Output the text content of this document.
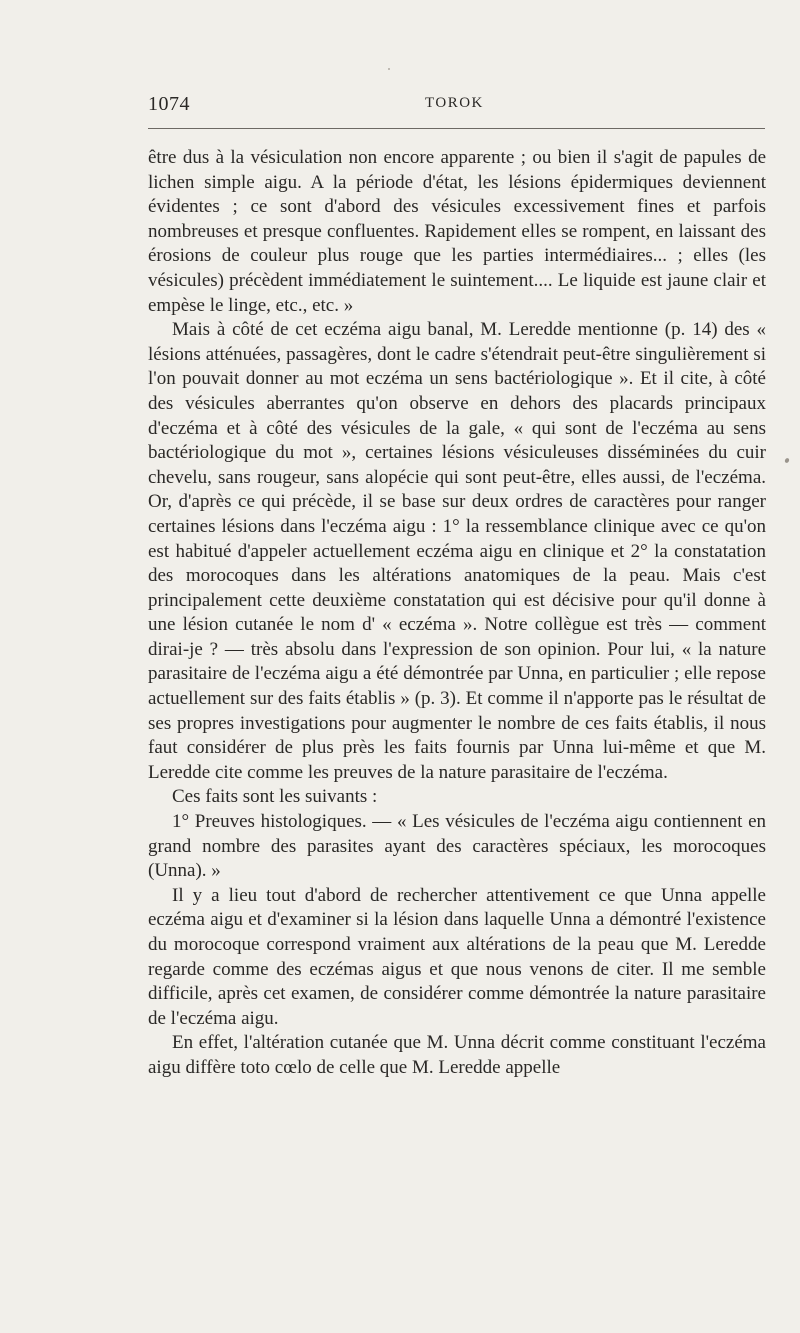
1074	TOROK

être dus à la vésiculation non encore apparente ; ou bien il s'agit de papules de lichen simple aigu. A la période d'état, les lésions épidermiques deviennent évidentes ; ce sont d'abord des vésicules excessivement fines et parfois nombreuses et presque confluentes. Rapidement elles se rompent, en laissant des érosions de couleur plus rouge que les parties intermédiaires... ; elles (les vésicules) précèdent immédiatement le suintement.... Le liquide est jaune clair et empèse le linge, etc., etc. »

Mais à côté de cet eczéma aigu banal, M. Leredde mentionne (p. 14) des « lésions atténuées, passagères, dont le cadre s'étendrait peut-être singulièrement si l'on pouvait donner au mot eczéma un sens bactériologique ». Et il cite, à côté des vésicules aberrantes qu'on observe en dehors des placards principaux d'eczéma et à côté des vésicules de la gale, « qui sont de l'eczéma au sens bactériologique du mot », certaines lésions vésiculeuses disséminées du cuir chevelu, sans rougeur, sans alopécie qui sont peut-être, elles aussi, de l'eczéma. Or, d'après ce qui précède, il se base sur deux ordres de caractères pour ranger certaines lésions dans l'eczéma aigu : 1° la ressemblance clinique avec ce qu'on est habitué d'appeler actuellement eczéma aigu en clinique et 2° la constatation des morocoques dans les altérations anatomiques de la peau. Mais c'est principalement cette deuxième constatation qui est décisive pour qu'il donne à une lésion cutanée le nom d' « eczéma ». Notre collègue est très — comment dirai-je ? — très absolu dans l'expression de son opinion. Pour lui, « la nature parasitaire de l'eczéma aigu a été démontrée par Unna, en particulier ; elle repose actuellement sur des faits établis » (p. 3). Et comme il n'apporte pas le résultat de ses propres investigations pour augmenter le nombre de ces faits établis, il nous faut considérer de plus près les faits fournis par Unna lui-même et que M. Leredde cite comme les preuves de la nature parasitaire de l'eczéma.

Ces faits sont les suivants :

1° Preuves histologiques. — « Les vésicules de l'eczéma aigu contiennent en grand nombre des parasites ayant des caractères spéciaux, les morocoques (Unna). »

Il y a lieu tout d'abord de rechercher attentivement ce que Unna appelle eczéma aigu et d'examiner si la lésion dans laquelle Unna a démontré l'existence du morocoque correspond vraiment aux altérations de la peau que M. Leredde regarde comme des eczémas aigus et que nous venons de citer. Il me semble difficile, après cet examen, de considérer comme démontrée la nature parasitaire de l'eczéma aigu.

En effet, l'altération cutanée que M. Unna décrit comme constituant l'eczéma aigu diffère toto cœlo de celle que M. Leredde appelle
